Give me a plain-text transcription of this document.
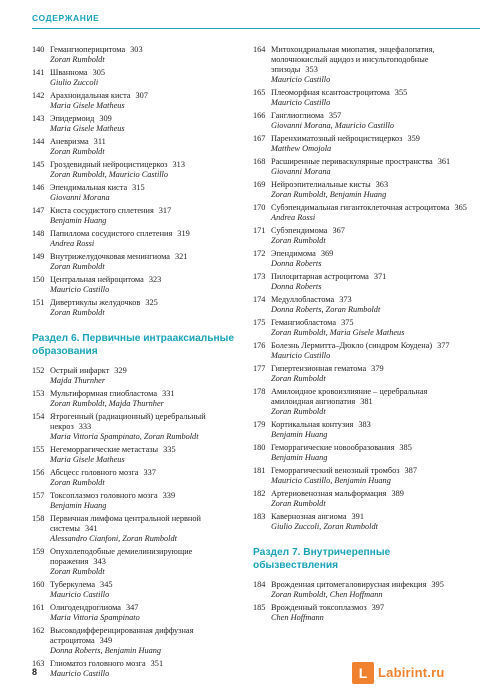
СОДЕРЖАНИЕ
140 Гемангиоперицитома 303
Zoran Rumboldt
141 Шваннома 305
Giulio Zuccoli
142 Арахноидальная киста 307
Maria Gisele Matheus
143 Эпидермоид 309
Maria Gisele Matheus
144 Аневризма 311
Zoran Rumboldt
145 Гроздевидный нейроцистицеркоз 313
Zoran Rumboldt, Mauricio Castillo
146 Эпендимальная киста 315
Giovanni Morana
147 Киста сосудистого сплетения 317
Benjamin Huang
148 Папиллома сосудистого сплетения 319
Andrea Rossi
149 Внутрижелудочковая менингиома 321
Zoran Rumboldt
150 Центральная нейроцитома 323
Mauricio Castillo
151 Дивертикулы желудочков 325
Zoran Rumboldt
Раздел 6. Первичные интрааксиальные
образования
152 Острый инфаркт 329
Majda Thurnher
153 Мультиформная глиобластома 331
Zoran Rumboldt, Majda Thurnher
154 Ятрогенный (радиационный) церебральный некроз 333
Maria Vittoria Spampinato, Zoran Rumboldt
155 Негеморрагические метастазы 335
Maria Gisele Matheus
156 Абсцесс головного мозга 337
Zoran Rumboldt
157 Токсоплазмоз головного мозга 339
Benjamin Huang
158 Первичная лимфома центральной нервной системы 341
Alessandro Cianfoni, Zoran Rumboldt
159 Опухолеподобные демиелинизирующие поражения 343
Zoran Rumboldt
160 Туберкулема 345
Mauricio Castillo
161 Олигодендроглиома 347
Maria Vittoria Spampinato
162 Высокодифференцированная диффузная астроцитома 349
Donna Roberts, Benjamin Huang
163 Глиоматоз головного мозга 351
Mauricio Castillo
164 Митохондриальная миопатия, энцефалопатия, молочнокислый ацидоз и инсультоподобные эпизоды 353
Mauricio Castillo
165 Плеоморфная ксантоастроцитома 355
Mauricio Castillo
166 Ганглиоглиома 357
Giovanni Morana, Mauricio Castillo
167 Паренхиматозный нейроцистицеркоз 359
Matthew Omojola
168 Расширенные периваскулярные пространства 361
Giovanni Morana
169 Нейроэпителиальные кисты 363
Zoran Rumboldt, Benjamin Huang
170 Субэпендимальная гигантоклеточная астроцитома 365
Andrea Rossi
171 Субэпендимома 367
Zoran Rumboldt
172 Эпендимома 369
Donna Roberts
173 Пилоцитарная астроцитома 371
Donna Roberts
174 Медуллобластома 373
Donna Roberts, Zoran Rumboldt
175 Гемангиобластома 375
Zoran Rumboldt, Maria Gisele Matheus
176 Болезнь Лермитта–Дюкло (синдром Коудена) 377
Mauricio Castillo
177 Гипертензионная гематома 379
Zoran Rumboldt
178 Амилоидное кровоизлияние – церебральная амилоидная ангиопатия 381
Zoran Rumboldt
179 Кортикальная контузия 383
Benjamin Huang
180 Геморрагические новообразования 385
Benjamin Huang
181 Геморрагический венозный тромбоз 387
Mauricio Castillo, Benjamin Huang
182 Артериовенозная мальформация 389
Zoran Rumboldt
183 Кавернозная ангиома 391
Giulio Zuccoli, Zoran Rumboldt
Раздел 7. Внутричерепные
обызвествления
184 Врожденная цитомегаловирусная инфекция 395
Zoran Rumboldt, Chen Hoffmann
185 Врожденный токсоплазмоз 397
Chen Hoffmann
8	L Labirint.ru
